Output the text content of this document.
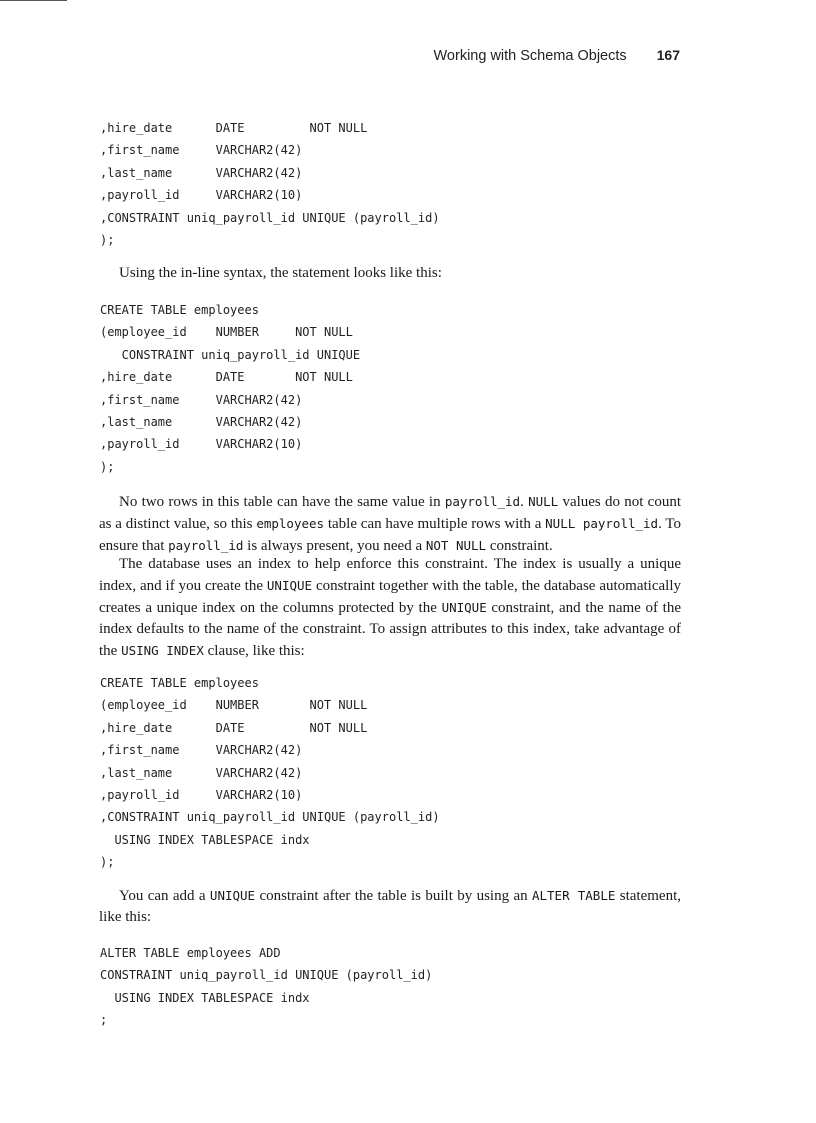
Working with Schema Objects 167
,hire_date      DATE         NOT NULL
,first_name     VARCHAR2(42)
,last_name      VARCHAR2(42)
,payroll_id     VARCHAR2(10)
,CONSTRAINT uniq_payroll_id UNIQUE (payroll_id)
);

Using the in-line syntax, the statement looks like this:

CREATE TABLE employees
(employee_id    NUMBER     NOT NULL
CONSTRAINT uniq_payroll_id UNIQUE
,hire_date      DATE       NOT NULL
,first_name     VARCHAR2(42)
,last_name      VARCHAR2(42)
,payroll_id     VARCHAR2(10)
);

No two rows in this table can have the same value in payroll_id. NULL values do not count as a distinct value, so this employees table can have multiple rows with a NULL payroll_id. To ensure that payroll_id is always present, you need a NOT NULL constraint.

The database uses an index to help enforce this constraint. The index is usually a unique index, and if you create the UNIQUE constraint together with the table, the database automatically creates a unique index on the columns protected by the UNIQUE constraint, and the name of the index defaults to the name of the constraint. To assign attributes to this index, take advantage of the USING INDEX clause, like this:

CREATE TABLE employees
(employee_id    NUMBER       NOT NULL
,hire_date      DATE         NOT NULL
,first_name     VARCHAR2(42)
,last_name      VARCHAR2(42)
,payroll_id     VARCHAR2(10)
,CONSTRAINT uniq_payroll_id UNIQUE (payroll_id)
USING INDEX TABLESPACE indx
);

You can add a UNIQUE constraint after the table is built by using an ALTER TABLE statement, like this:

ALTER TABLE employees ADD
CONSTRAINT uniq_payroll_id UNIQUE (payroll_id)
USING INDEX TABLESPACE indx
;
